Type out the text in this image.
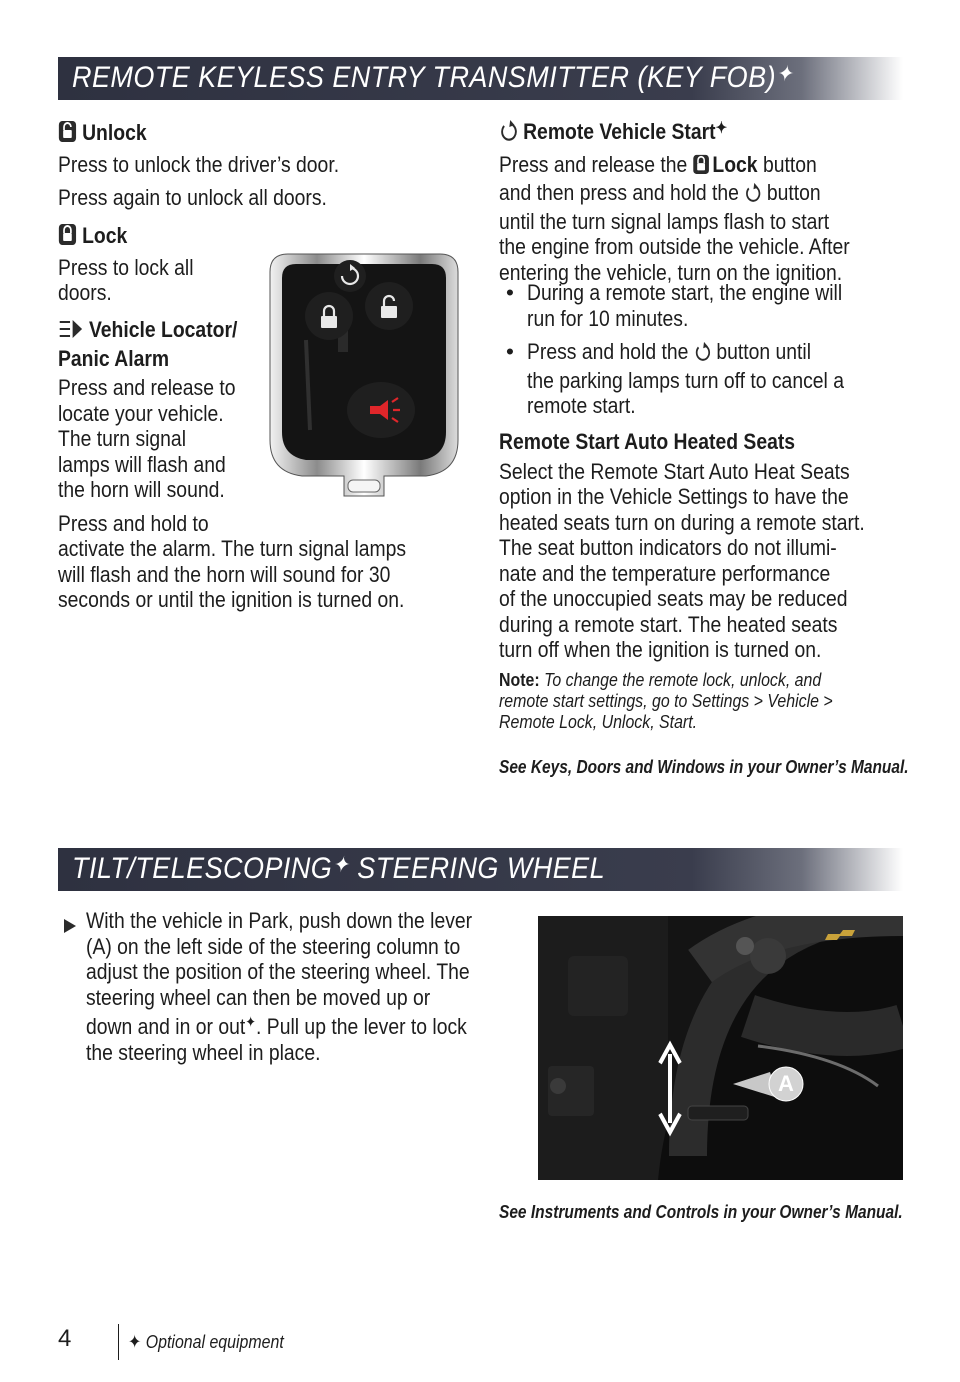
REMOTE KEYLESS ENTRY TRANSMITTER (KEY FOB)✦
Unlock
Press to unlock the driver’s door.
Press again to unlock all doors.
Lock
Press to lock all
doors.
Vehicle Locator/
Panic Alarm
Press and release to
locate your vehicle.
The turn signal
lamps will flash and
the horn will sound.
Press and hold to
activate the alarm. The turn signal lamps
will flash and the horn will sound for 30
seconds or until the ignition is turned on.
Remote Vehicle Start✦
Press and release the Lock button
and then press and hold the  button
until the turn signal lamps flash to start
the engine from outside the vehicle. After
entering the vehicle, turn on the ignition.
• During a remote start, the engine will
run for 10 minutes.
• Press and hold the  button until
the parking lamps turn off to cancel a
remote start.
Remote Start Auto Heated Seats
Select the Remote Start Auto Heat Seats
option in the Vehicle Settings to have the
heated seats turn on during a remote start.
The seat button indicators do not illumi-
nate and the temperature performance
of the unoccupied seats may be reduced
during a remote start. The heated seats
turn off when the ignition is turned on.
Note: To change the remote lock, unlock, and
remote start settings, go to Settings > Vehicle >
Remote Lock, Unlock, Start.
See Keys, Doors and Windows in your Owner’s Manual.
TILT/TELESCOPING✦ STEERING WHEEL
With the vehicle in Park, push down the lever
(A) on the left side of the steering column to
adjust the position of the steering wheel. The
steering wheel can then be moved up or
down and in or out✦. Pull up the lever to lock
the steering wheel in place.
A
See Instruments and Controls in your Owner’s Manual.
4	✦ Optional equipment
